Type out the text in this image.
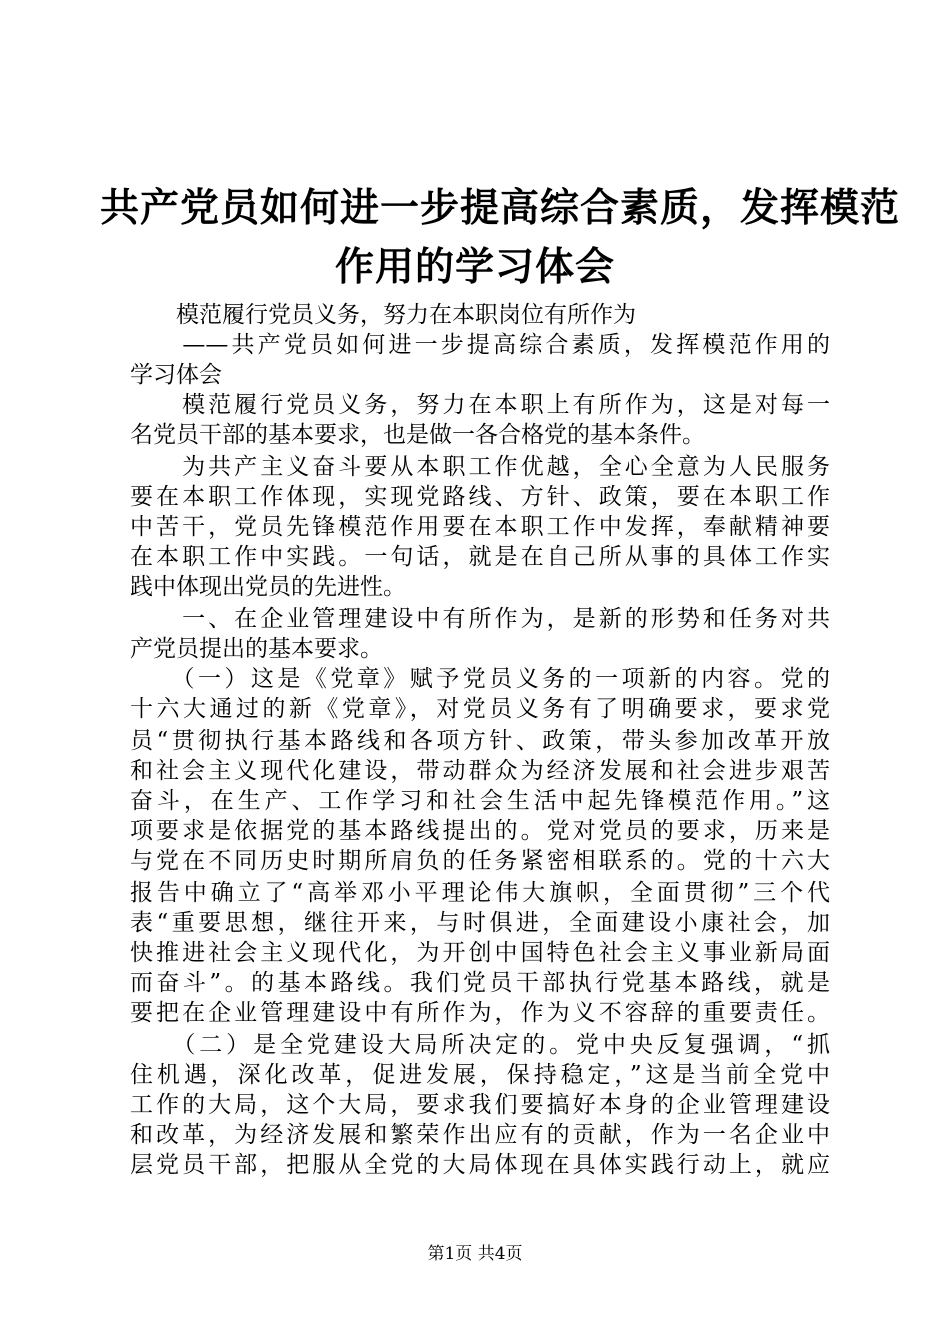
共产党员如何进一步提高综合素质，发挥模范
作用的学习体会
　　模范履行党员义务，努力在本职岗位有所作为
　　——共产党员如何进一步提高综合素质，发挥模范作用的
学习体会
　　模范履行党员义务，努力在本职上有所作为，这是对每一
名党员干部的基本要求，也是做一各合格党的基本条件。
　　为共产主义奋斗要从本职工作优越，全心全意为人民服务
要在本职工作体现，实现党路线、方针、政策，要在本职工作
中苦干，党员先锋模范作用要在本职工作中发挥，奉献精神要
在本职工作中实践。一句话，就是在自己所从事的具体工作实
践中体现出党员的先进性。
　　一、在企业管理建设中有所作为，是新的形势和任务对共
产党员提出的基本要求。
　　（一）这是《党章》赋予党员义务的一项新的内容。党的
十六大通过的新《党章》，对党员义务有了明确要求，要求党
员“贯彻执行基本路线和各项方针、政策，带头参加改革开放
和社会主义现代化建设，带动群众为经济发展和社会进步艰苦
奋斗，在生产、工作学习和社会生活中起先锋模范作用。”这
项要求是依据党的基本路线提出的。党对党员的要求，历来是
与党在不同历史时期所肩负的任务紧密相联系的。党的十六大
报告中确立了“高举邓小平理论伟大旗帜，全面贯彻”三个代
表“重要思想，继往开来，与时俱进，全面建设小康社会，加
快推进社会主义现代化，为开创中国特色社会主义事业新局面
而奋斗”。的基本路线。我们党员干部执行党基本路线，就是
要把在企业管理建设中有所作为，作为义不容辞的重要责任。
　　（二）是全党建设大局所决定的。党中央反复强调，“抓
住机遇，深化改革，促进发展，保持稳定，”这是当前全党中
工作的大局，这个大局，要求我们要搞好本身的企业管理建设
和改革，为经济发展和繁荣作出应有的贡献，作为一名企业中
层党员干部，把服从全党的大局体现在具体实践行动上，就应
第1页 共4页
